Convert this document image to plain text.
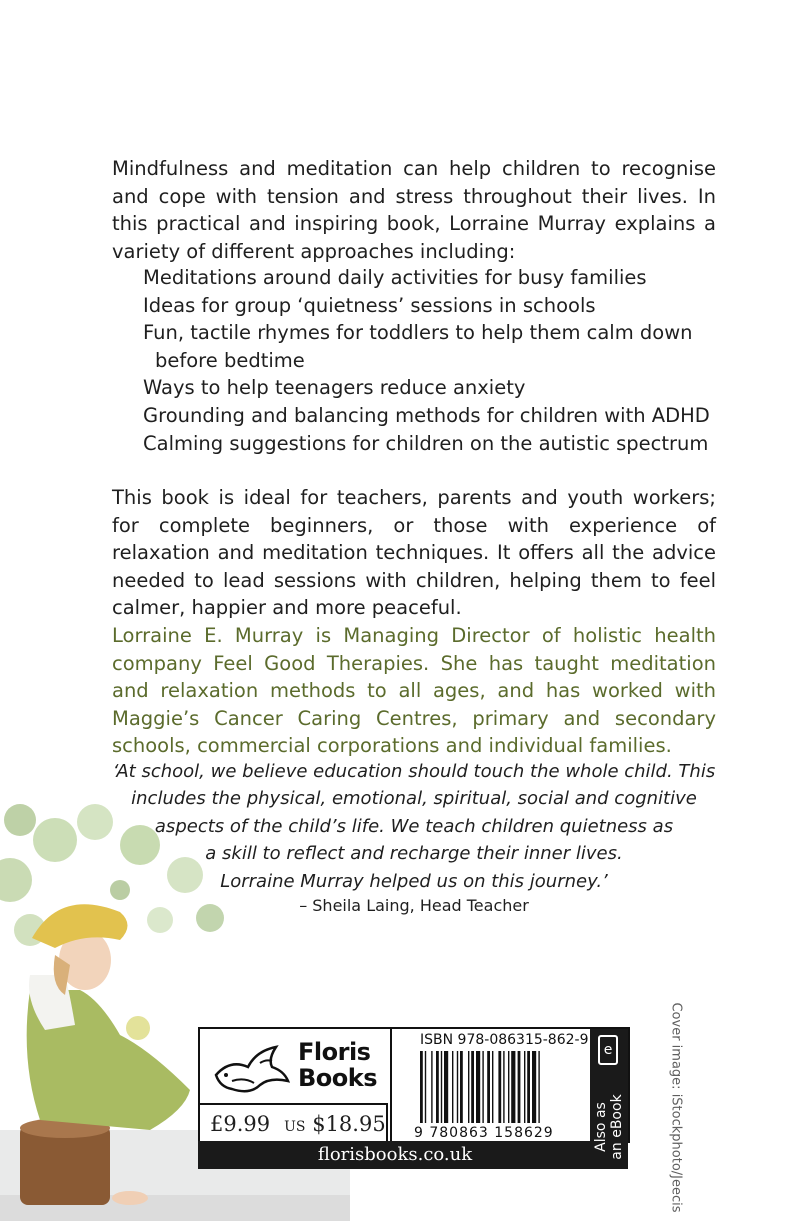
Mindfulness and meditation can help children to recognise and cope with tension and stress throughout their lives. In this practical and inspiring book, Lorraine Murray explains a variety of different approaches including:

Meditations around daily activities for busy families
Ideas for group ‘quietness’ sessions in schools
Fun, tactile rhymes for toddlers to help them calm down before bedtime
Ways to help teenagers reduce anxiety
Grounding and balancing methods for children with ADHD
Calming suggestions for children on the autistic spectrum

This book is ideal for teachers, parents and youth workers; for complete beginners, or those with experience of relaxation and meditation techniques. It offers all the advice needed to lead sessions with children, helping them to feel calmer, happier and more peaceful.

Lorraine E. Murray is Managing Director of holistic health company Feel Good Therapies. She has taught meditation and relaxation methods to all ages, and has worked with Maggie’s Cancer Caring Centres, primary and secondary schools, commercial corporations and individual families.

‘At school, we believe education should touch the whole child. This
includes the physical, emotional, spiritual, social and cognitive
aspects of the child’s life. We teach children quietness as
a skill to reflect and recharge their inner lives.
Lorraine Murray helped us on this journey.’

– Sheila Laing, Head Teacher
Cover image: iStockphoto/Jeecis
Floris
Books
£9.99 US $18.95
ISBN 978-086315-862-9
9 780863 158629
e
Also as an eBook
florisbooks.co.uk
